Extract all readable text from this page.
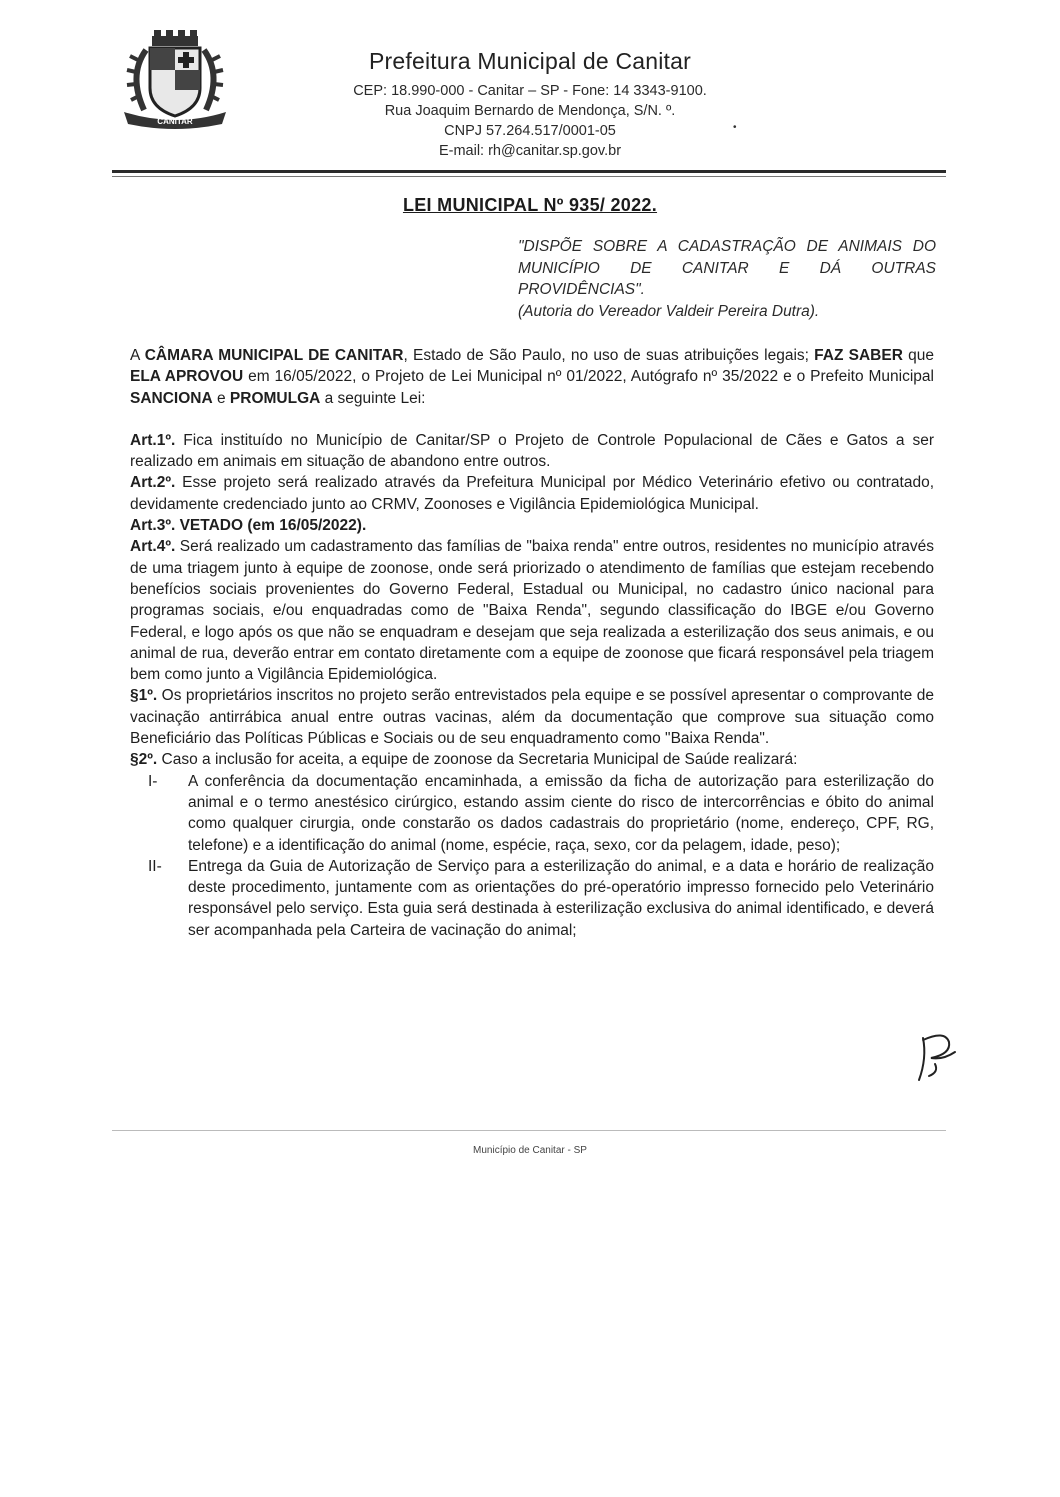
CANITAR

Prefeitura Municipal de Canitar

CEP: 18.990-000 - Canitar – SP - Fone: 14 3343-9100.

Rua Joaquim Bernardo de Mendonça, S/N. º.

CNPJ 57.264.517/0001-05

E-mail: rh@canitar.sp.gov.br

•
LEI MUNICIPAL Nº 935/ 2022.

"DISPÕE SOBRE A CADASTRAÇÃO DE ANIMAIS DO MUNICÍPIO DE CANITAR E DÁ OUTRAS PROVIDÊNCIAS".

(Autoria do Vereador Valdeir Pereira Dutra).

A CÂMARA MUNICIPAL DE CANITAR, Estado de São Paulo, no uso de suas atribuições legais; FAZ SABER que ELA APROVOU em 16/05/2022, o Projeto de Lei Municipal nº 01/2022, Autógrafo nº 35/2022 e o Prefeito Municipal SANCIONA e PROMULGA a seguinte Lei:

Art.1º. Fica instituído no Município de Canitar/SP o Projeto de Controle Populacional de Cães e Gatos a ser realizado em animais em situação de abandono entre outros.

Art.2º. Esse projeto será realizado através da Prefeitura Municipal por Médico Veterinário efetivo ou contratado, devidamente credenciado junto ao CRMV, Zoonoses e Vigilância Epidemiológica Municipal.

Art.3º. VETADO (em 16/05/2022).

Art.4º. Será realizado um cadastramento das famílias de "baixa renda" entre outros, residentes no município através de uma triagem junto à equipe de zoonose, onde será priorizado o atendimento de famílias que estejam recebendo benefícios sociais provenientes do Governo Federal, Estadual ou Municipal, no cadastro único nacional para programas sociais, e/ou enquadradas como de "Baixa Renda", segundo classificação do IBGE e/ou Governo Federal, e logo após os que não se enquadram e desejam que seja realizada a esterilização dos seus animais, e ou animal de rua, deverão entrar em contato diretamente com a equipe de zoonose que ficará responsável pela triagem bem como junto a Vigilância Epidemiológica.

§1º. Os proprietários inscritos no projeto serão entrevistados pela equipe e se possível apresentar o comprovante de vacinação antirrábica anual entre outras vacinas, além da documentação que comprove sua situação como Beneficiário das Políticas Públicas e Sociais ou de seu enquadramento como "Baixa Renda".

§2º. Caso a inclusão for aceita, a equipe de zoonose da Secretaria Municipal de Saúde realizará:

I-	A conferência da documentação encaminhada, a emissão da ficha de autorização para esterilização do animal e o termo anestésico cirúrgico, estando assim ciente do risco de intercorrências e óbito do animal como qualquer cirurgia, onde constarão os dados cadastrais do proprietário (nome, endereço, CPF, RG, telefone) e a identificação do animal (nome, espécie, raça, sexo, cor da pelagem, idade, peso);
II-	Entrega da Guia de Autorização de Serviço para a esterilização do animal, e a data e horário de realização deste procedimento, juntamente com as orientações do pré-operatório impresso fornecido pelo Veterinário responsável pelo serviço. Esta guia será destinada à esterilização exclusiva do animal identificado, e deverá ser acompanhada pela Carteira de vacinação do animal;
Município de Canitar - SP
